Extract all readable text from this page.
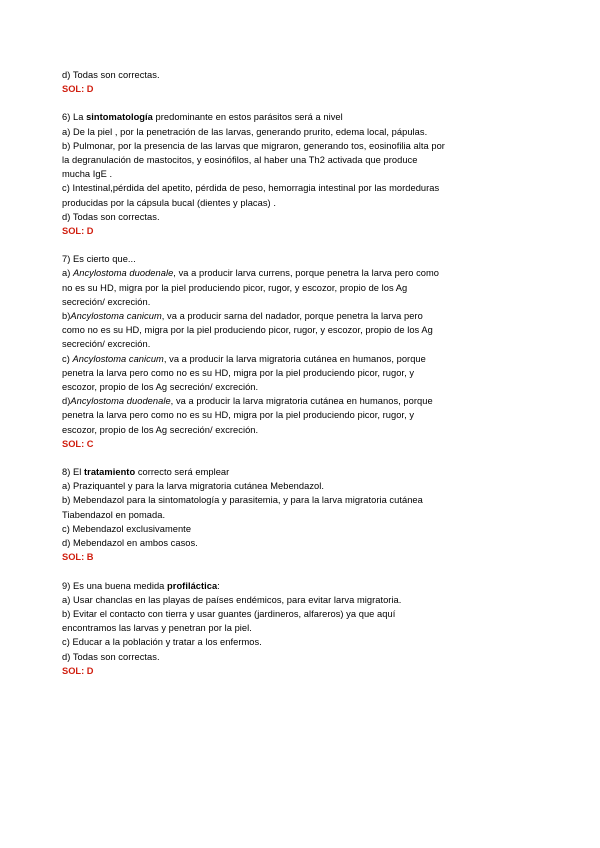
d) Todas son correctas.

SOL: D

6) La sintomatología predominante en estos parásitos será a nivel

a) De la piel , por la penetración de las larvas, generando prurito, edema local, pápulas.

b) Pulmonar, por la presencia de las larvas que migraron, generando tos, eosinofilia alta por

la degranulación de mastocitos, y eosinófilos, al haber una Th2 activada que produce

mucha IgE .

c) Intestinal,pérdida del apetito, pérdida de peso, hemorragia intestinal por las mordeduras

producidas por la cápsula bucal (dientes y placas) .

d) Todas son correctas.

SOL: D

7) Es cierto que...

a) Ancylostoma duodenale, va a producir larva currens, porque penetra la larva pero como

no es su HD, migra por la piel produciendo picor, rugor, y escozor, propio de los Ag

secreción/ excreción.

b)Ancylostoma canicum, va a producir sarna del nadador, porque penetra la larva pero

como no es su HD, migra por la piel produciendo picor, rugor, y escozor, propio de los Ag

secreción/ excreción.

c) Ancylostoma canicum, va a producir la larva migratoria cutánea en humanos, porque

penetra la larva pero como no es su HD, migra por la piel produciendo picor, rugor, y

escozor, propio de los Ag secreción/ excreción.

d)Ancylostoma duodenale, va a producir la larva migratoria cutánea en humanos, porque

penetra la larva pero como no es su HD, migra por la piel produciendo picor, rugor, y

escozor, propio de los Ag secreción/ excreción.

SOL: C

8) El tratamiento correcto será emplear

a) Praziquantel y para la larva migratoria cutánea Mebendazol.

b) Mebendazol para la sintomatología y parasitemia, y para la larva migratoria cutánea

Tiabendazol en pomada.

c) Mebendazol exclusivamente

d) Mebendazol en ambos casos.

SOL: B

9) Es una buena medida profiláctica:

a) Usar chanclas en las playas de países endémicos, para evitar larva migratoria.

b) Evitar el contacto con tierra y usar guantes (jardineros, alfareros) ya que aquí

encontramos las larvas y penetran por la piel.

c) Educar a la población y tratar a los enfermos.

d) Todas son correctas.

SOL: D
